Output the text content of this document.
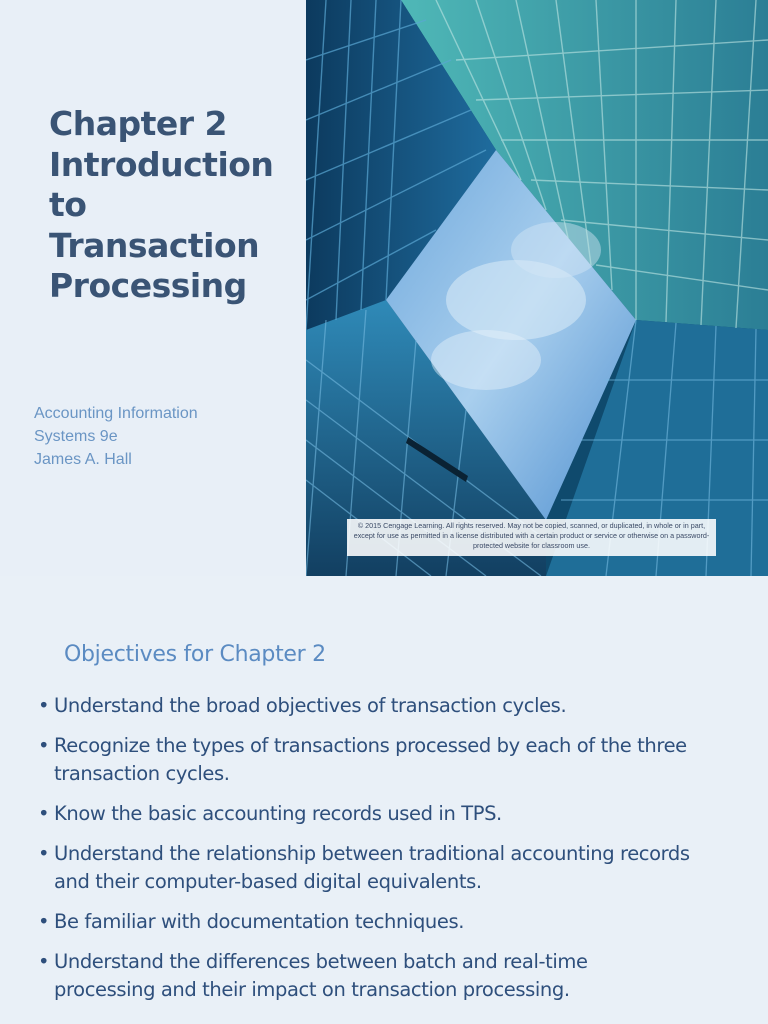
Chapter 2
Introduction
to
Transaction
Processing
Accounting Information
Systems 9e
James A. Hall
© 2015 Cengage Learning. All rights reserved. May not be copied, scanned, or duplicated, in whole or in part, except for use as permitted in a license distributed with a certain product or service or otherwise on a password-protected website for classroom use.
Objectives for Chapter 2
• Understand the broad objectives of transaction cycles.
• Recognize the types of transactions processed by each of the three transaction cycles.
• Know the basic accounting records used in TPS.
• Understand the relationship between traditional accounting records and their computer-based digital equivalents.
• Be familiar with documentation techniques.
• Understand the differences between batch and real-time processing and their impact on transaction processing.
